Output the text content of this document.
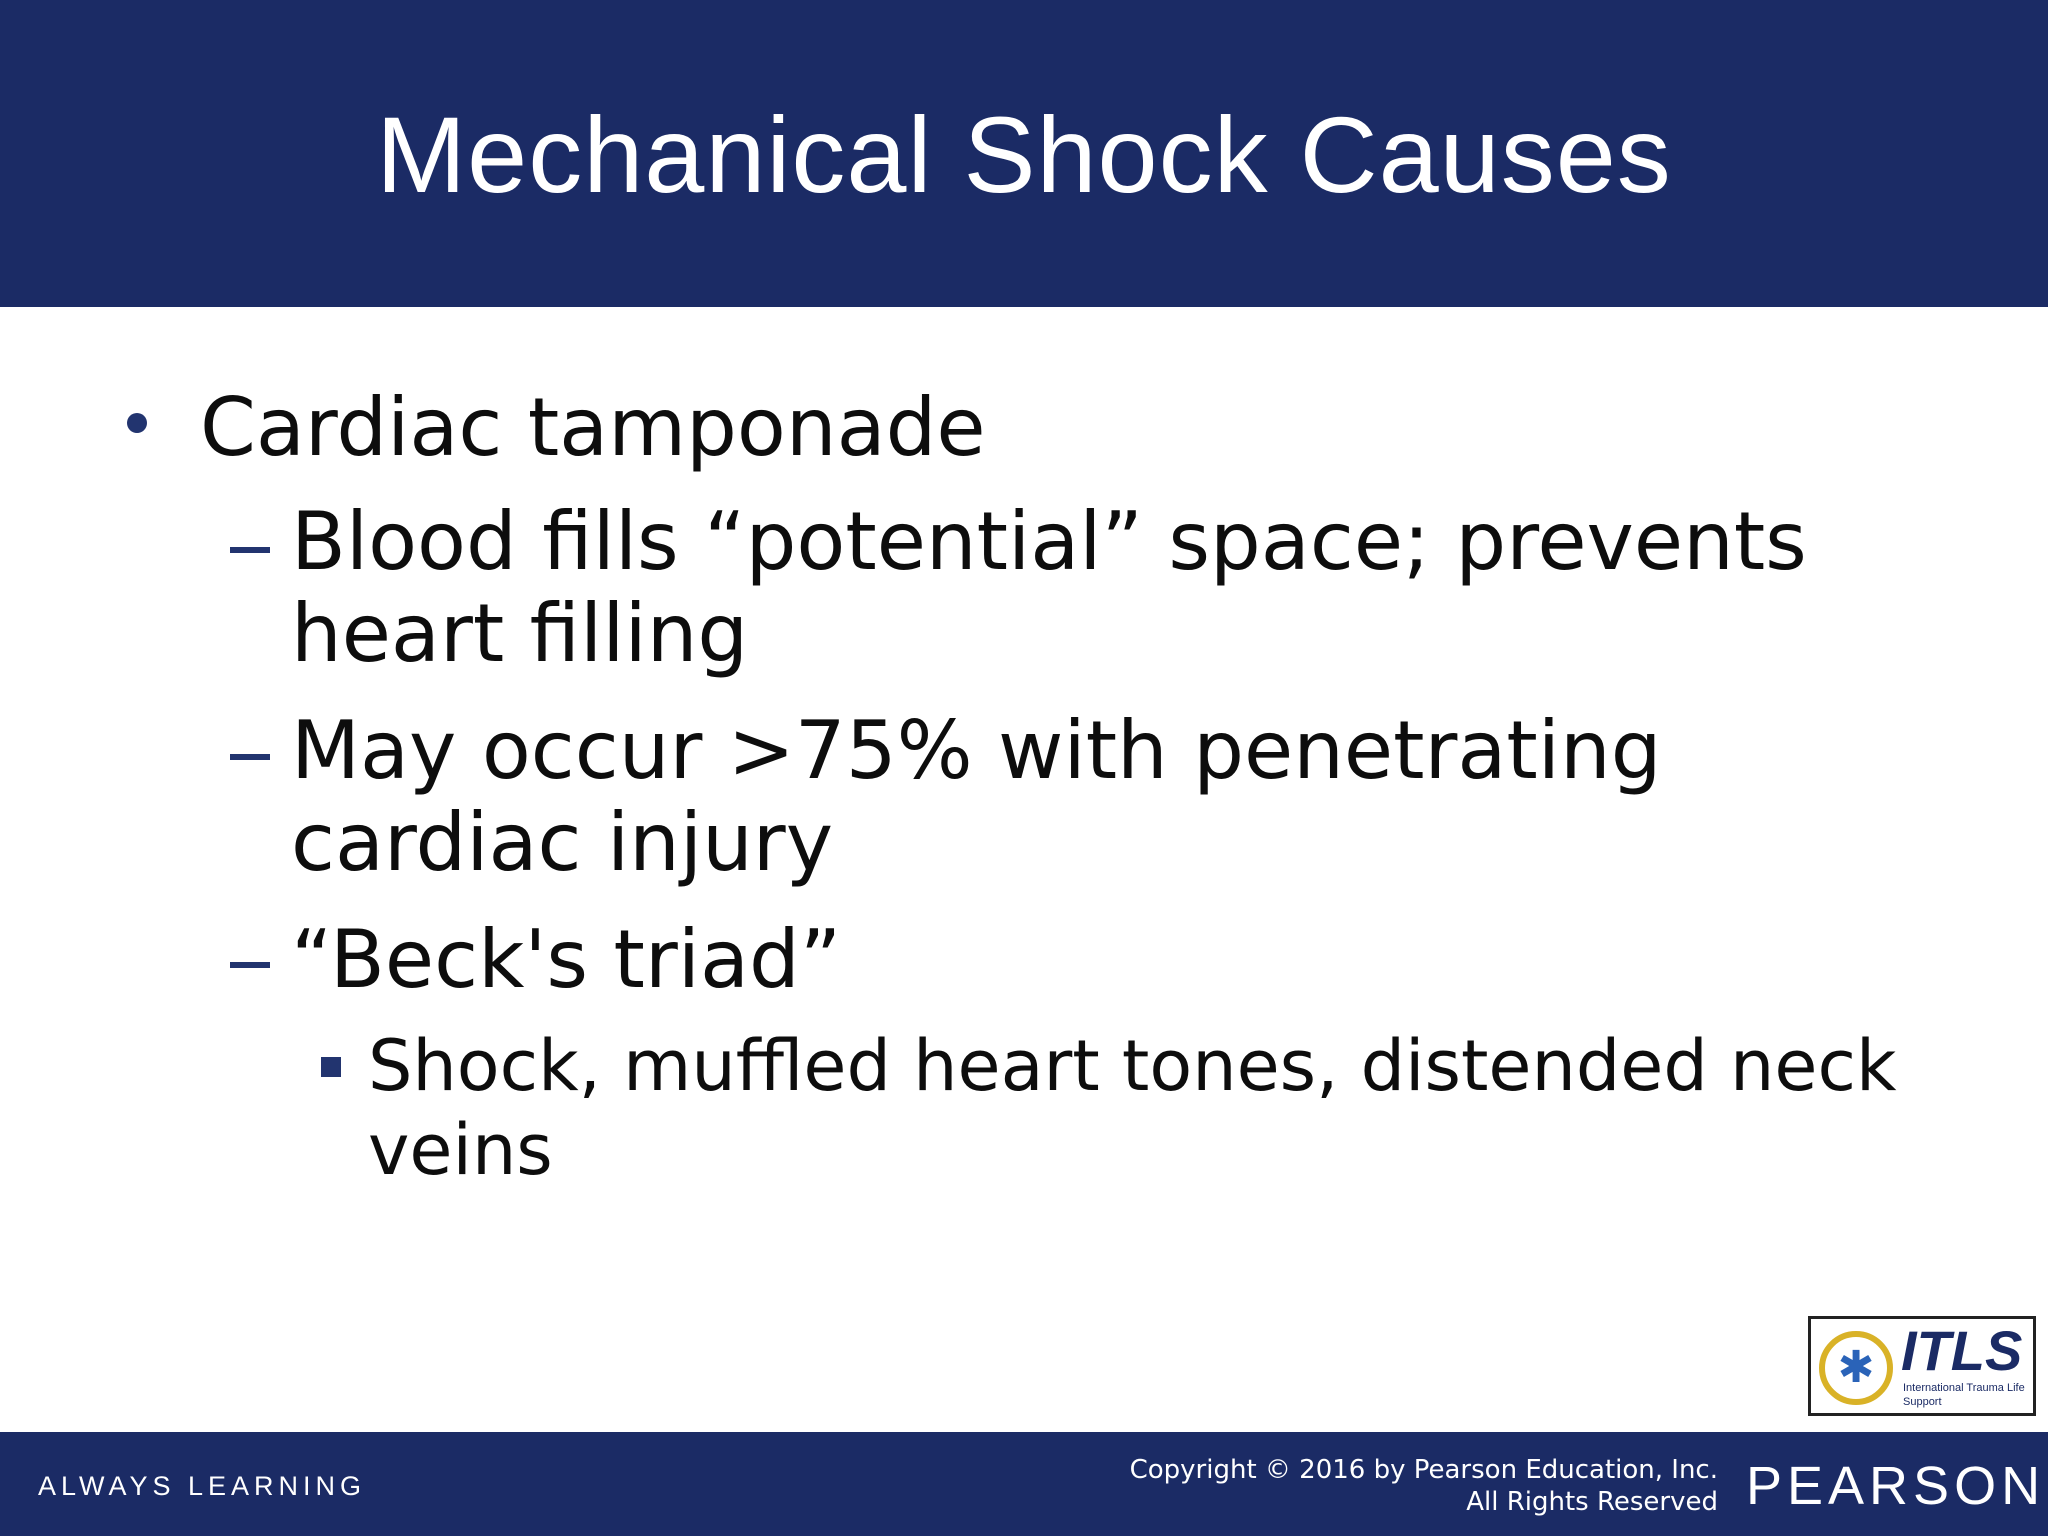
Mechanical Shock Causes

Cardiac tamponade

Blood fills “potential” space; prevents

heart filling

May occur >75% with penetrating

cardiac injury

“Beck's triad”

Shock, muffled heart tones, distended neck

veins

✱ ITLS
International Trauma Life Support
ALWAYS LEARNING
Copyright © 2016 by Pearson Education, Inc.
All Rights Reserved PEARSON
